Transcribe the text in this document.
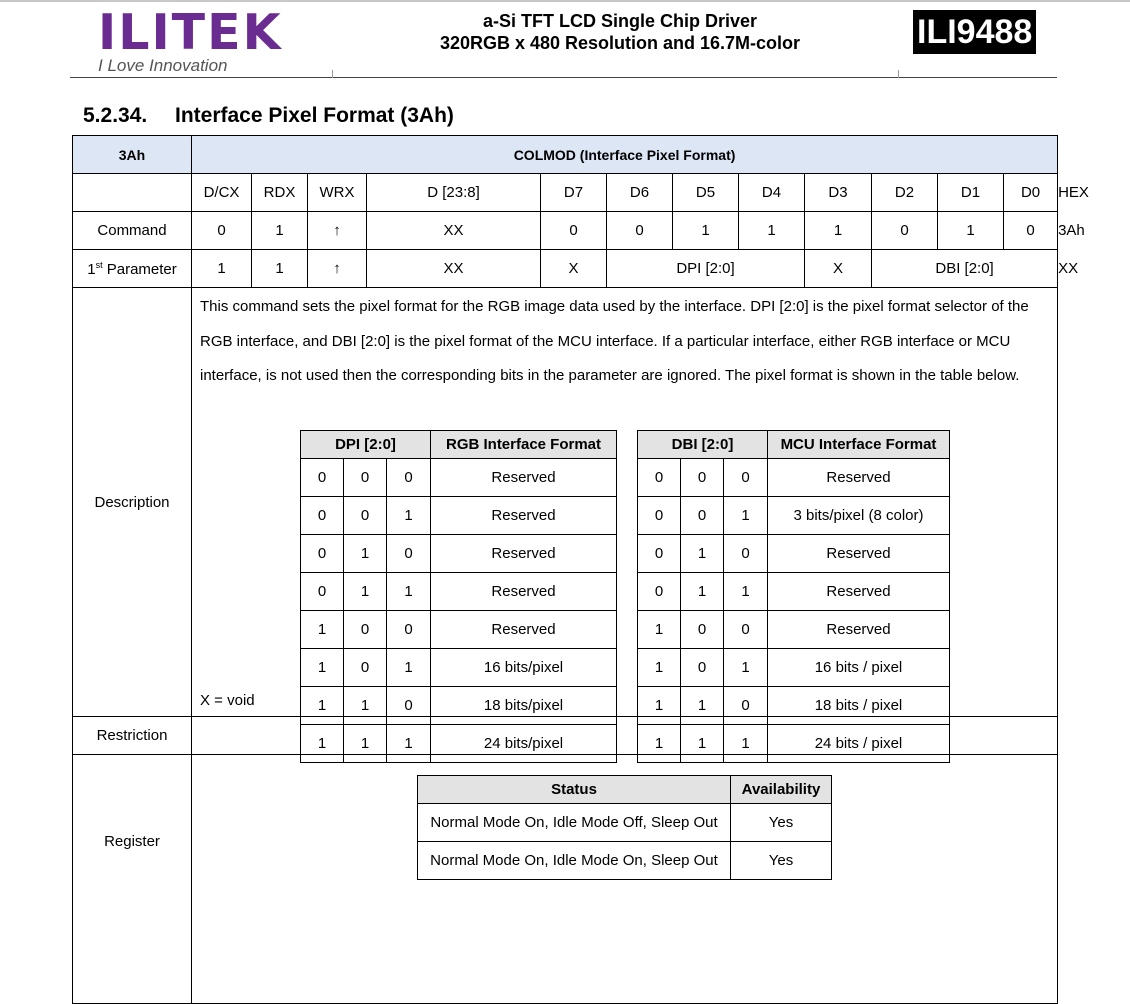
ILITEK
I Love Innovation
a-Si TFT LCD Single Chip Driver
320RGB x 480 Resolution and 16.7M-color	ILI9488
5.2.34. Interface Pixel Format (3Ah)
3Ah	COLMOD (Interface Pixel Format)
	D/CX	RDX	WRX	D [23:8]	D7	D6	D5	D4	D3	D2	D1	D0	HEX
Command	0	1	↑	XX	0	0	1	1	1	0	1	0	3Ah
1st Parameter	1	1	↑	XX	X	DPI [2:0]	X	DBI [2:0]	XX
Description	
This command sets the pixel format for the RGB image data used by the interface. DPI [2:0] is the pixel format selector of the RGB interface, and DBI [2:0] is the pixel format of the MCU interface. If a particular interface, either RGB interface or MCU interface, is not used then the corresponding bits in the parameter are ignored. The pixel format is shown in the table below.
DPI [2:0]	RGB Interface Format
0	0	0	Reserved
0	0	1	Reserved
0	1	0	Reserved
0	1	1	Reserved
1	0	0	Reserved
1	0	1	16 bits/pixel
1	1	0	18 bits/pixel
1	1	1	24 bits/pixel
DBI [2:0]	MCU Interface Format
0	0	0	Reserved
0	0	1	3 bits/pixel (8 color)
0	1	0	Reserved
0	1	1	Reserved
1	0	0	Reserved
1	0	1	16 bits / pixel
1	1	0	18 bits / pixel
1	1	1	24 bits / pixel
X = void

Restriction	
Register	
Status	Availability
Normal Mode On, Idle Mode Off, Sleep Out	Yes
Normal Mode On, Idle Mode On, Sleep Out	Yes
